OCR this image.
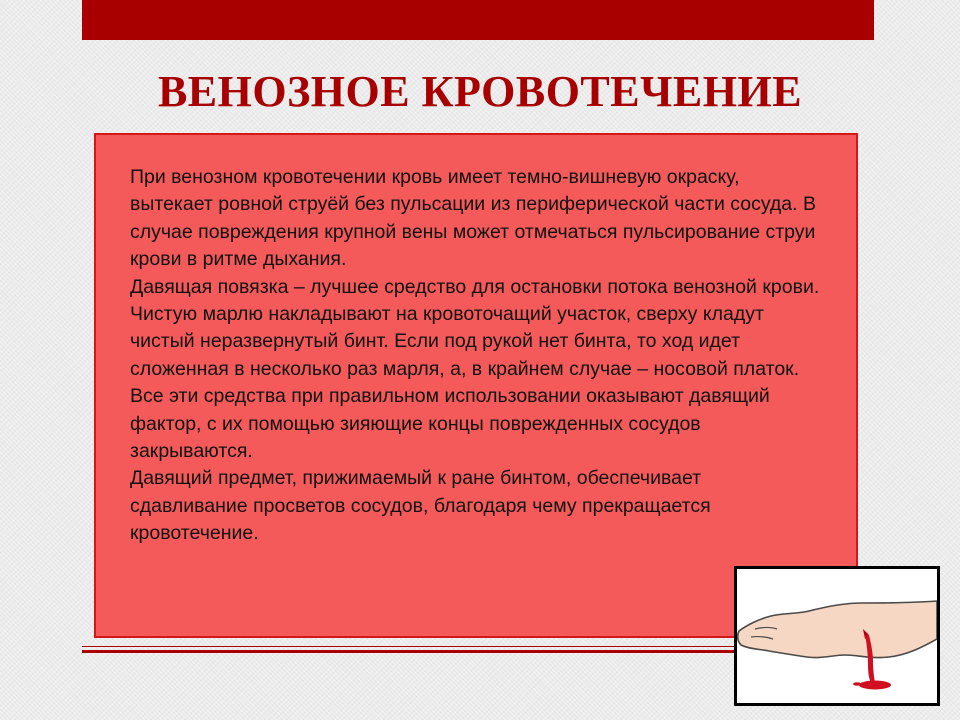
ВЕНОЗНОЕ КРОВОТЕЧЕНИЕ

При венозном кровотечении кровь имеет темно-вишневую окраску, вытекает ровной струёй без пульсации из периферической части сосуда. В случае повреждения крупной вены может отмечаться пульсирование струи крови в ритме дыхания.

Давящая повязка – лучшее средство для остановки потока венозной крови. Чистую марлю накладывают на кровоточащий участок, сверху кладут чистый неразвернутый бинт. Если под рукой нет бинта, то ход идет сложенная в несколько раз марля, а, в крайнем случае – носовой платок. Все эти средства при правильном использовании оказывают давящий фактор, с их помощью зияющие концы поврежденных сосудов закрываются.

Давящий предмет, прижимаемый к ране бинтом, обеспечивает сдавливание просветов сосудов, благодаря чему прекращается кровотечение.
